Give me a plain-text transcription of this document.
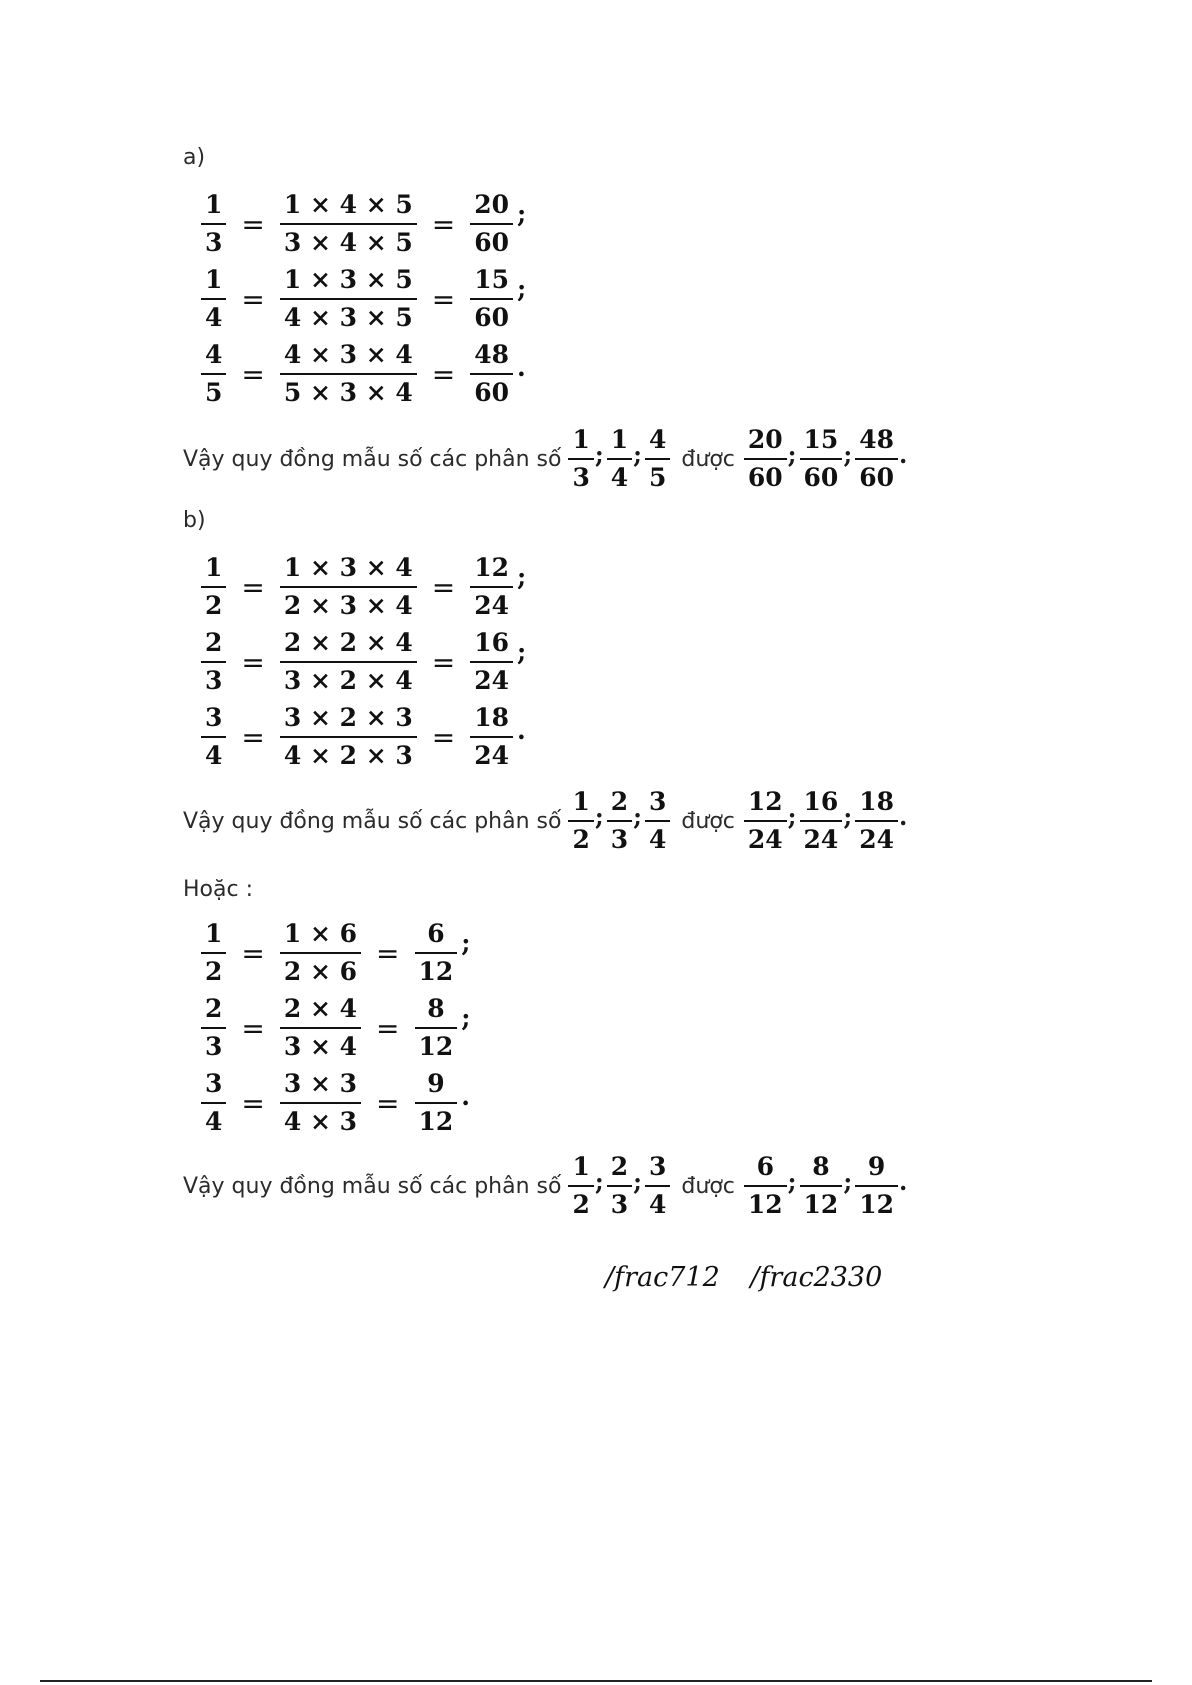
a)
$\frac{1}{3} = \frac{1 \times 4 \times 5}{3 \times 4 \times 5} = \frac{20}{60}$ ;
$\frac{1}{4} = \frac{1 \times 3 \times 5}{4 \times 3 \times 5} = \frac{15}{60}$ ;
$\frac{4}{5} = \frac{4 \times 3 \times 4}{5 \times 3 \times 4} = \frac{48}{60}$ .
Vậy quy đồng mẫu số các phân số $\frac{1}{3}$ ; $\frac{1}{4}$ ; $\frac{4}{5}$ được $\frac{20}{60}$ ; $\frac{15}{60}$ ; $\frac{48}{60}$ .
b)
$\frac{1}{2} = \frac{1 \times 3 \times 4}{2 \times 3 \times 4} = \frac{12}{24}$ ;
$\frac{2}{3} = \frac{2 \times 2 \times 4}{3 \times 2 \times 4} = \frac{16}{24}$ ;
$\frac{3}{4} = \frac{3 \times 2 \times 3}{4 \times 2 \times 3} = \frac{18}{24}$ .
Vậy quy đồng mẫu số các phân số $\frac{1}{2}$ ; $\frac{2}{3}$ ; $\frac{3}{4}$ được $\frac{12}{24}$ ; $\frac{16}{24}$ ; $\frac{18}{24}$ .
Hoặc :
$\frac{1}{2} = \frac{1 \times 6}{2 \times 6} = \frac{6}{12}$ ;
$\frac{2}{3} = \frac{2 \times 4}{3 \times 4} = \frac{8}{12}$ ;
$\frac{3}{4} = \frac{3 \times 3}{4 \times 3} = \frac{9}{12}$ .
Vậy quy đồng mẫu số các phân số $\frac{1}{2}$ ; $\frac{2}{3}$ ; $\frac{3}{4}$ được $\frac{6}{12}$ ; $\frac{8}{12}$ ; $\frac{9}{12}$ .
/frac712 /frac2330
